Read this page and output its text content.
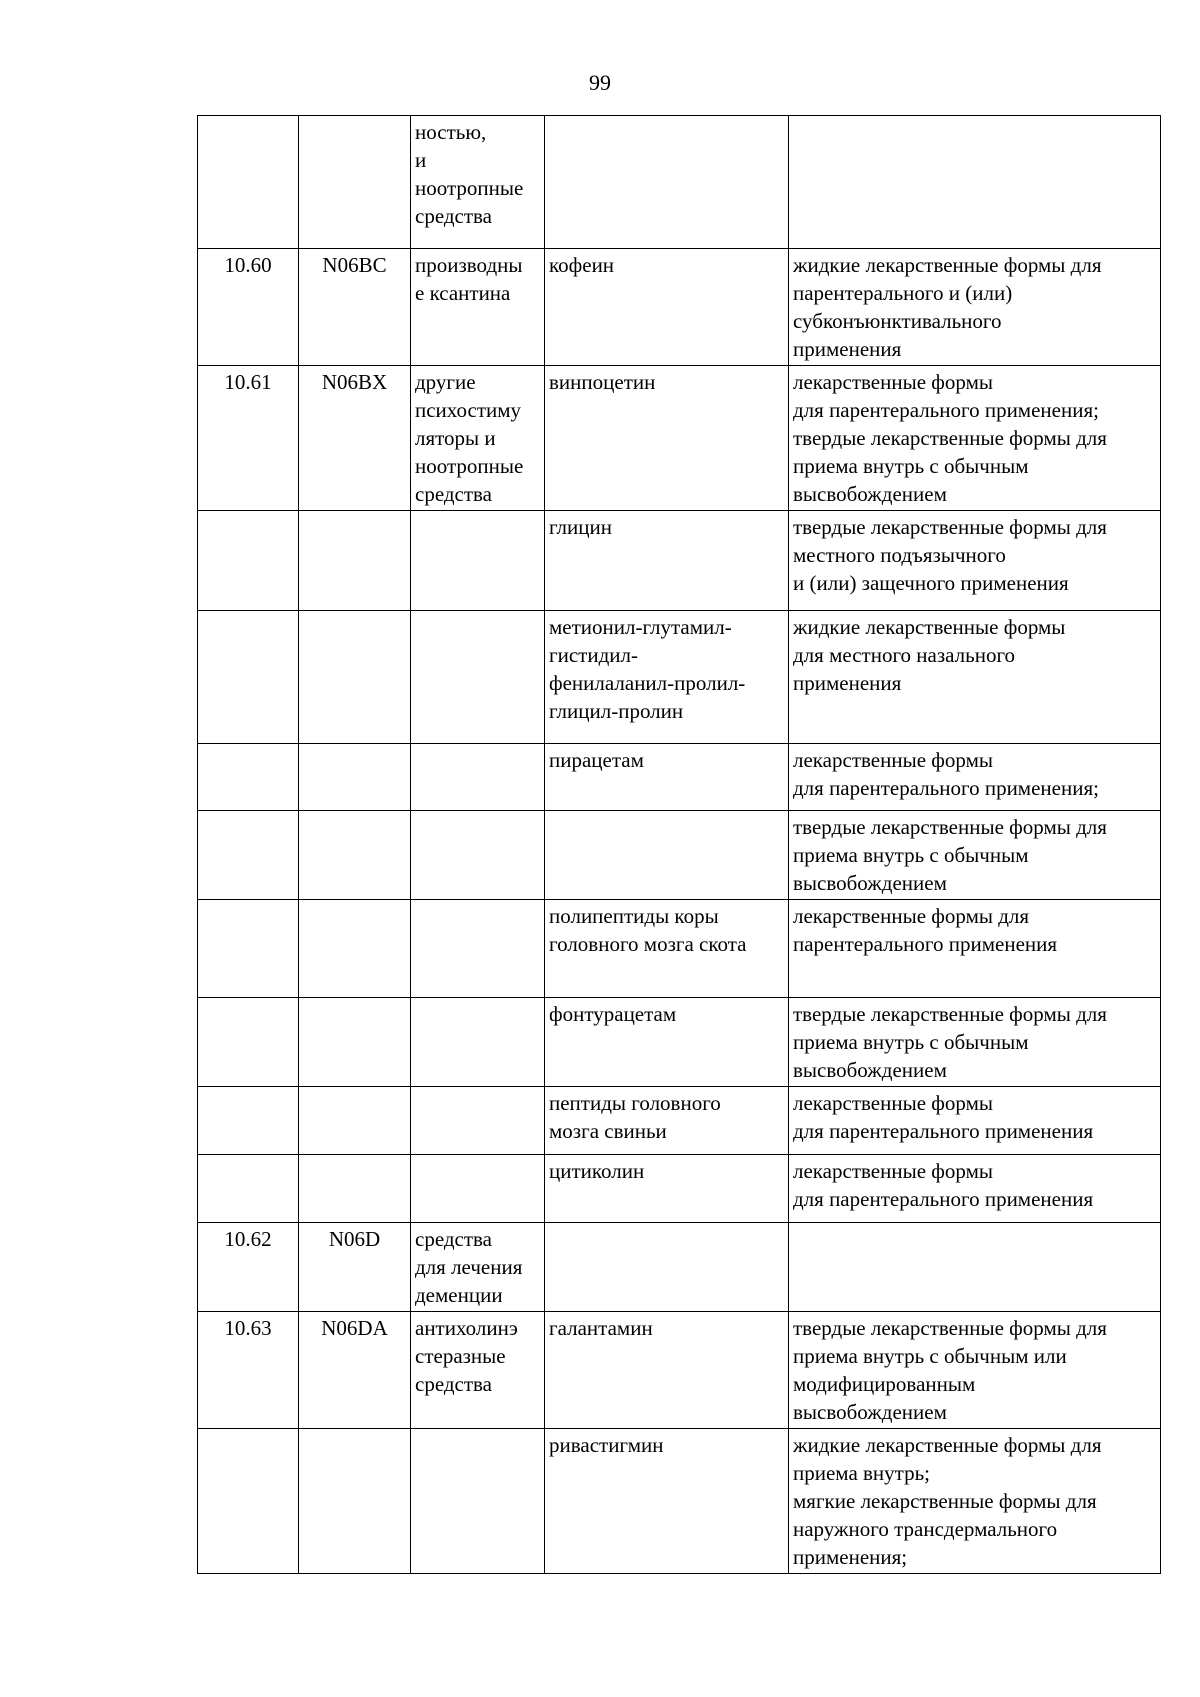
99
		ностью,
и
ноотропные
средства		
10.60	N06BC	производны
е ксантина	кофеин	жидкие лекарственные формы для
парентерального и (или)
субконъюнктивального
применения
10.61	N06BX	другие
психостиму
ляторы и
ноотропные
средства	винпоцетин	лекарственные формы
для парентерального применения;
твердые лекарственные формы для
приема внутрь с обычным
высвобождением
			глицин	твердые лекарственные формы для
местного подъязычного
и (или) защечного применения
			метионил-глутамил-
гистидил-
фенилаланил-пролил-
глицил-пролин	жидкие лекарственные формы
для местного назального
применения
			пирацетам	лекарственные формы
для парентерального применения;
				твердые лекарственные формы для
приема внутрь с обычным
высвобождением
			полипептиды коры
головного мозга скота	лекарственные формы для
парентерального применения
			фонтурацетам	твердые лекарственные формы для
приема внутрь с обычным
высвобождением
			пептиды головного
мозга свиньи	лекарственные формы
для парентерального применения
			цитиколин	лекарственные формы
для парентерального применения
10.62	N06D	средства
для лечения
деменции		
10.63	N06DA	антихолинэ
стеразные
средства	галантамин	твердые лекарственные формы для
приема внутрь с обычным или
модифицированным
высвобождением
			ривастигмин	жидкие лекарственные формы для
приема внутрь;
мягкие лекарственные формы для
наружного трансдермального
применения;
